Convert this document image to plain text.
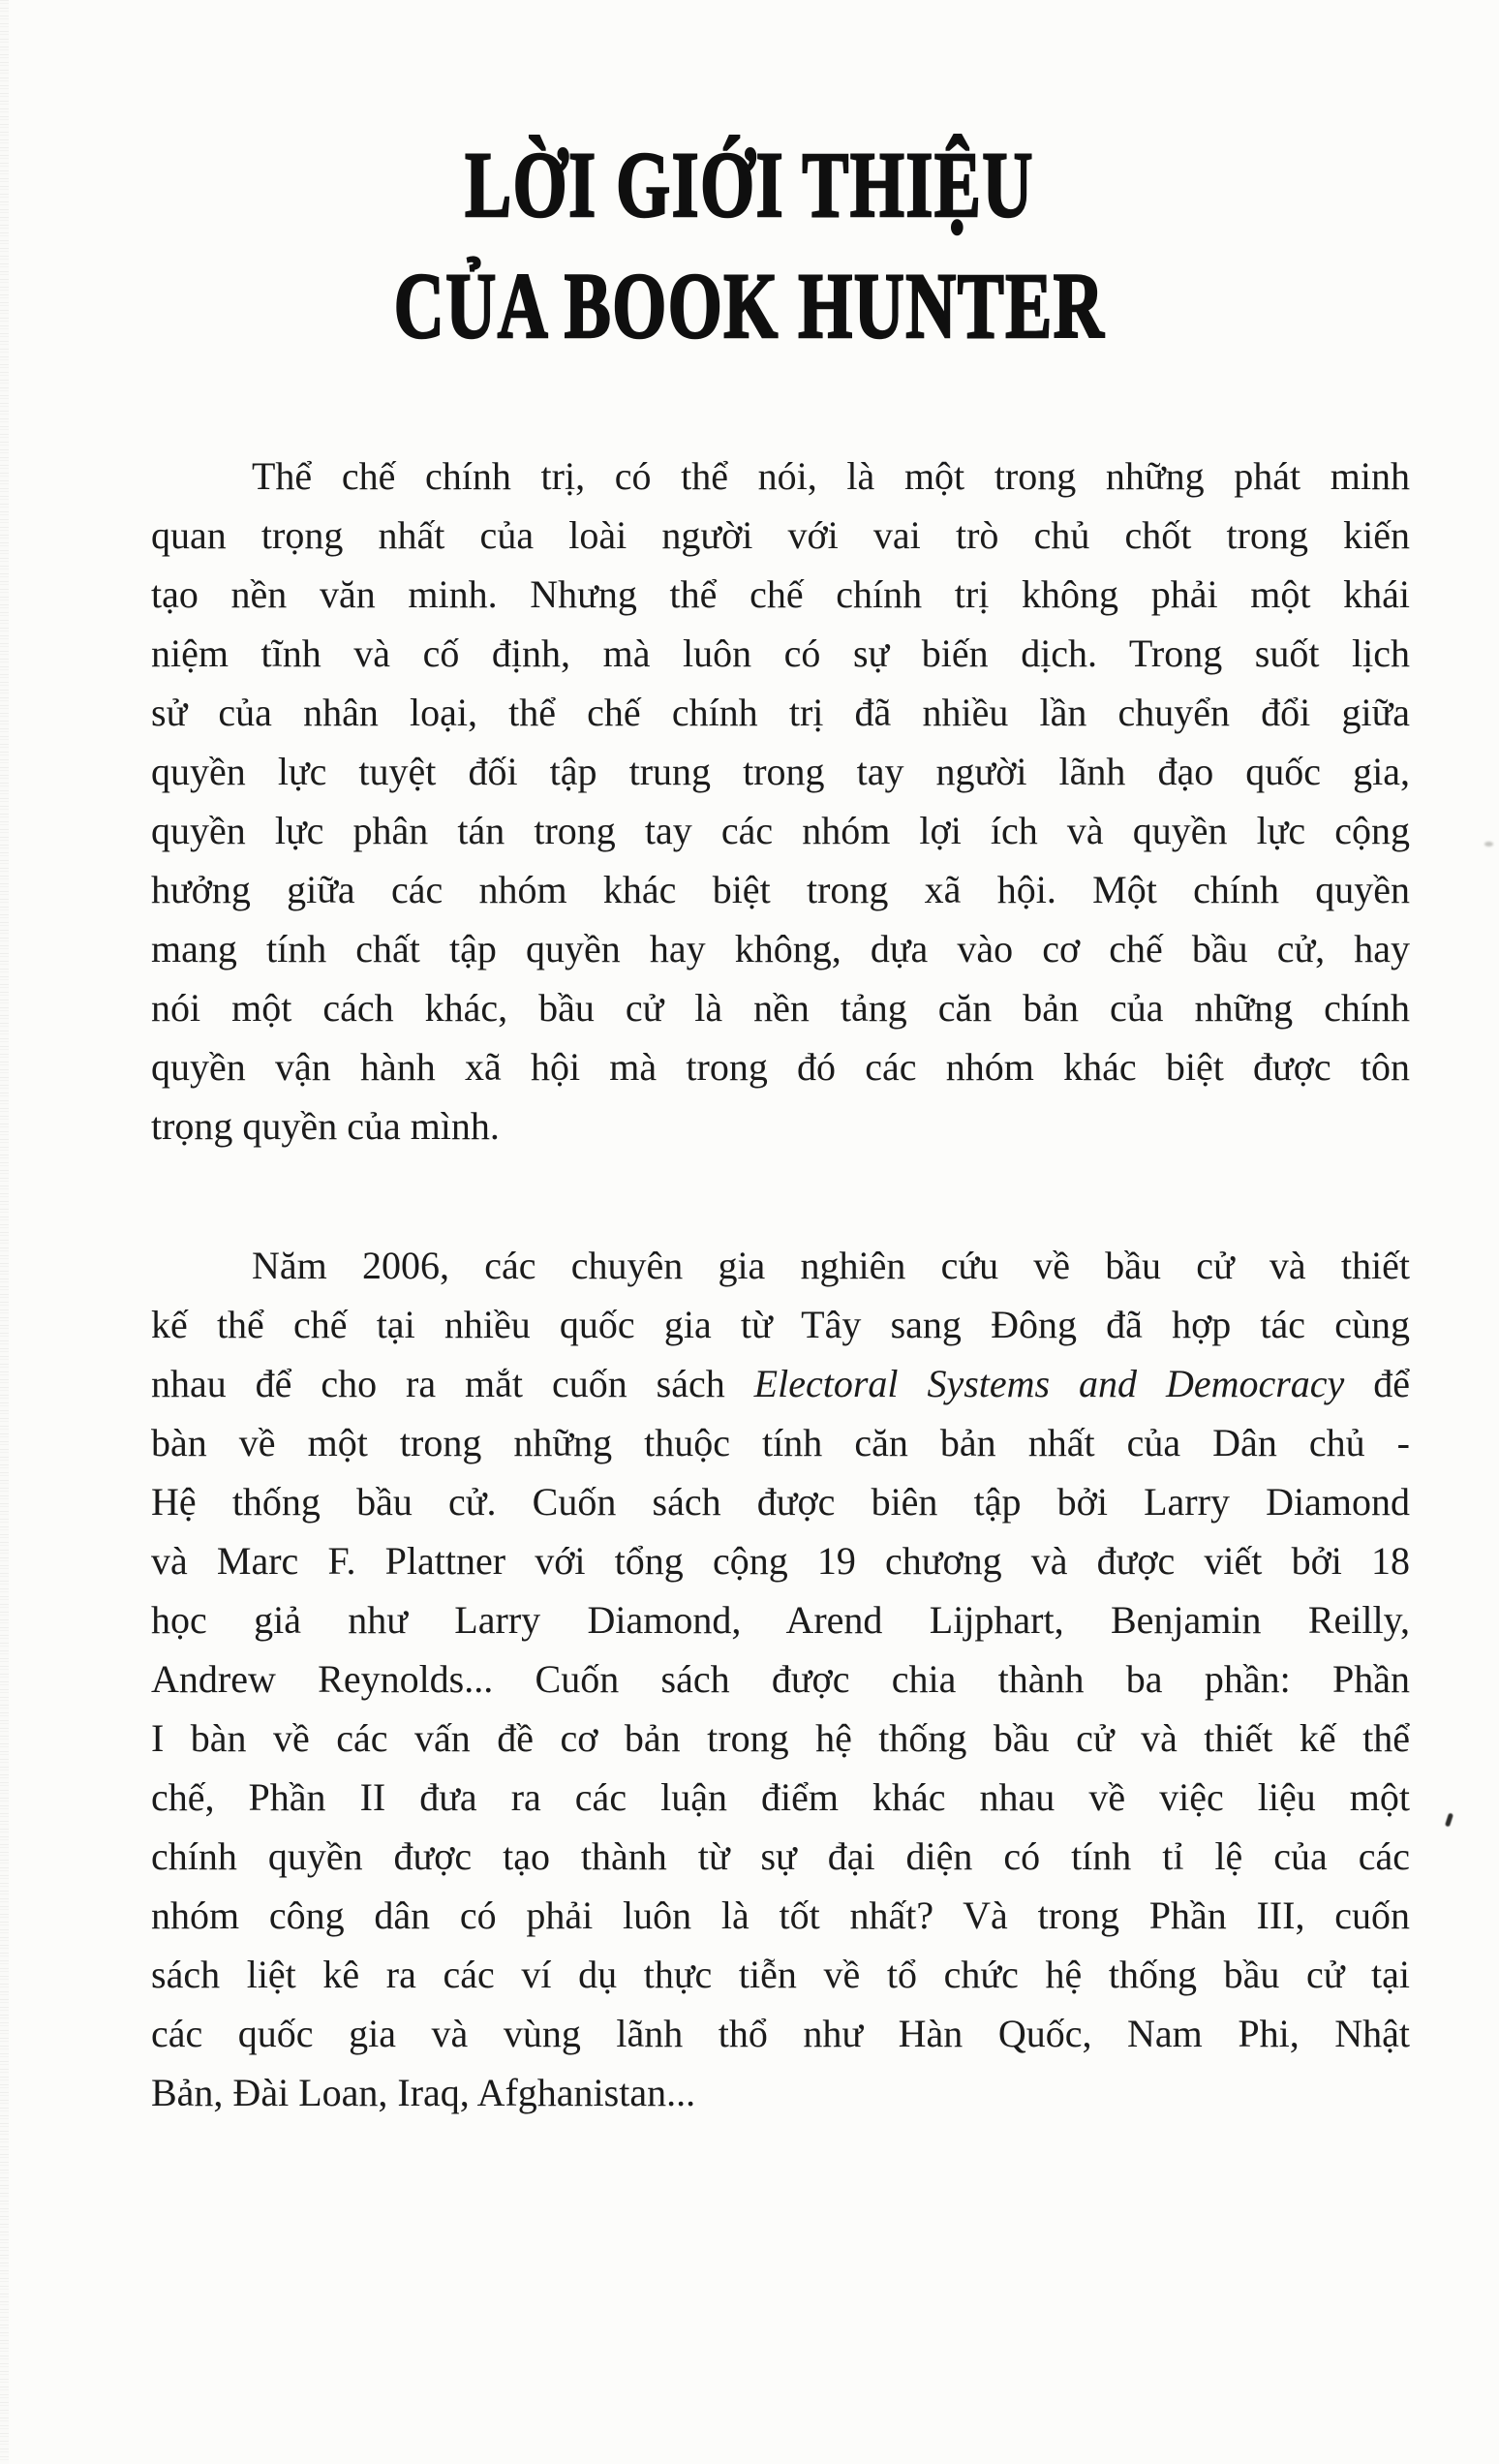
LỜI GIỚI THIỆU
CỦA BOOK HUNTER
Thể chế chính trị, có thể nói, là một trong những phát minh
quan trọng nhất của loài người với vai trò chủ chốt trong kiến
tạo nền văn minh. Nhưng thể chế chính trị không phải một khái
niệm tĩnh và cố định, mà luôn có sự biến dịch. Trong suốt lịch
sử của nhân loại, thể chế chính trị đã nhiều lần chuyển đổi giữa
quyền lực tuyệt đối tập trung trong tay người lãnh đạo quốc gia,
quyền lực phân tán trong tay các nhóm lợi ích và quyền lực cộng
hưởng giữa các nhóm khác biệt trong xã hội. Một chính quyền
mang tính chất tập quyền hay không, dựa vào cơ chế bầu cử, hay
nói một cách khác, bầu cử là nền tảng căn bản của những chính
quyền vận hành xã hội mà trong đó các nhóm khác biệt được tôn
trọng quyền của mình.
Năm 2006, các chuyên gia nghiên cứu về bầu cử và thiết
kế thể chế tại nhiều quốc gia từ Tây sang Đông đã hợp tác cùng
nhau để cho ra mắt cuốn sách Electoral Systems and Democracy để
bàn về một trong những thuộc tính căn bản nhất của Dân chủ -
Hệ thống bầu cử. Cuốn sách được biên tập bởi Larry Diamond
và Marc F. Plattner với tổng cộng 19 chương và được viết bởi 18
học giả như Larry Diamond, Arend Lijphart, Benjamin Reilly,
Andrew Reynolds... Cuốn sách được chia thành ba phần: Phần
I bàn về các vấn đề cơ bản trong hệ thống bầu cử và thiết kế thể
chế, Phần II đưa ra các luận điểm khác nhau về việc liệu một
chính quyền được tạo thành từ sự đại diện có tính tỉ lệ của các
nhóm công dân có phải luôn là tốt nhất? Và trong Phần III, cuốn
sách liệt kê ra các ví dụ thực tiễn về tổ chức hệ thống bầu cử tại
các quốc gia và vùng lãnh thổ như Hàn Quốc, Nam Phi, Nhật
Bản, Đài Loan, Iraq, Afghanistan...
